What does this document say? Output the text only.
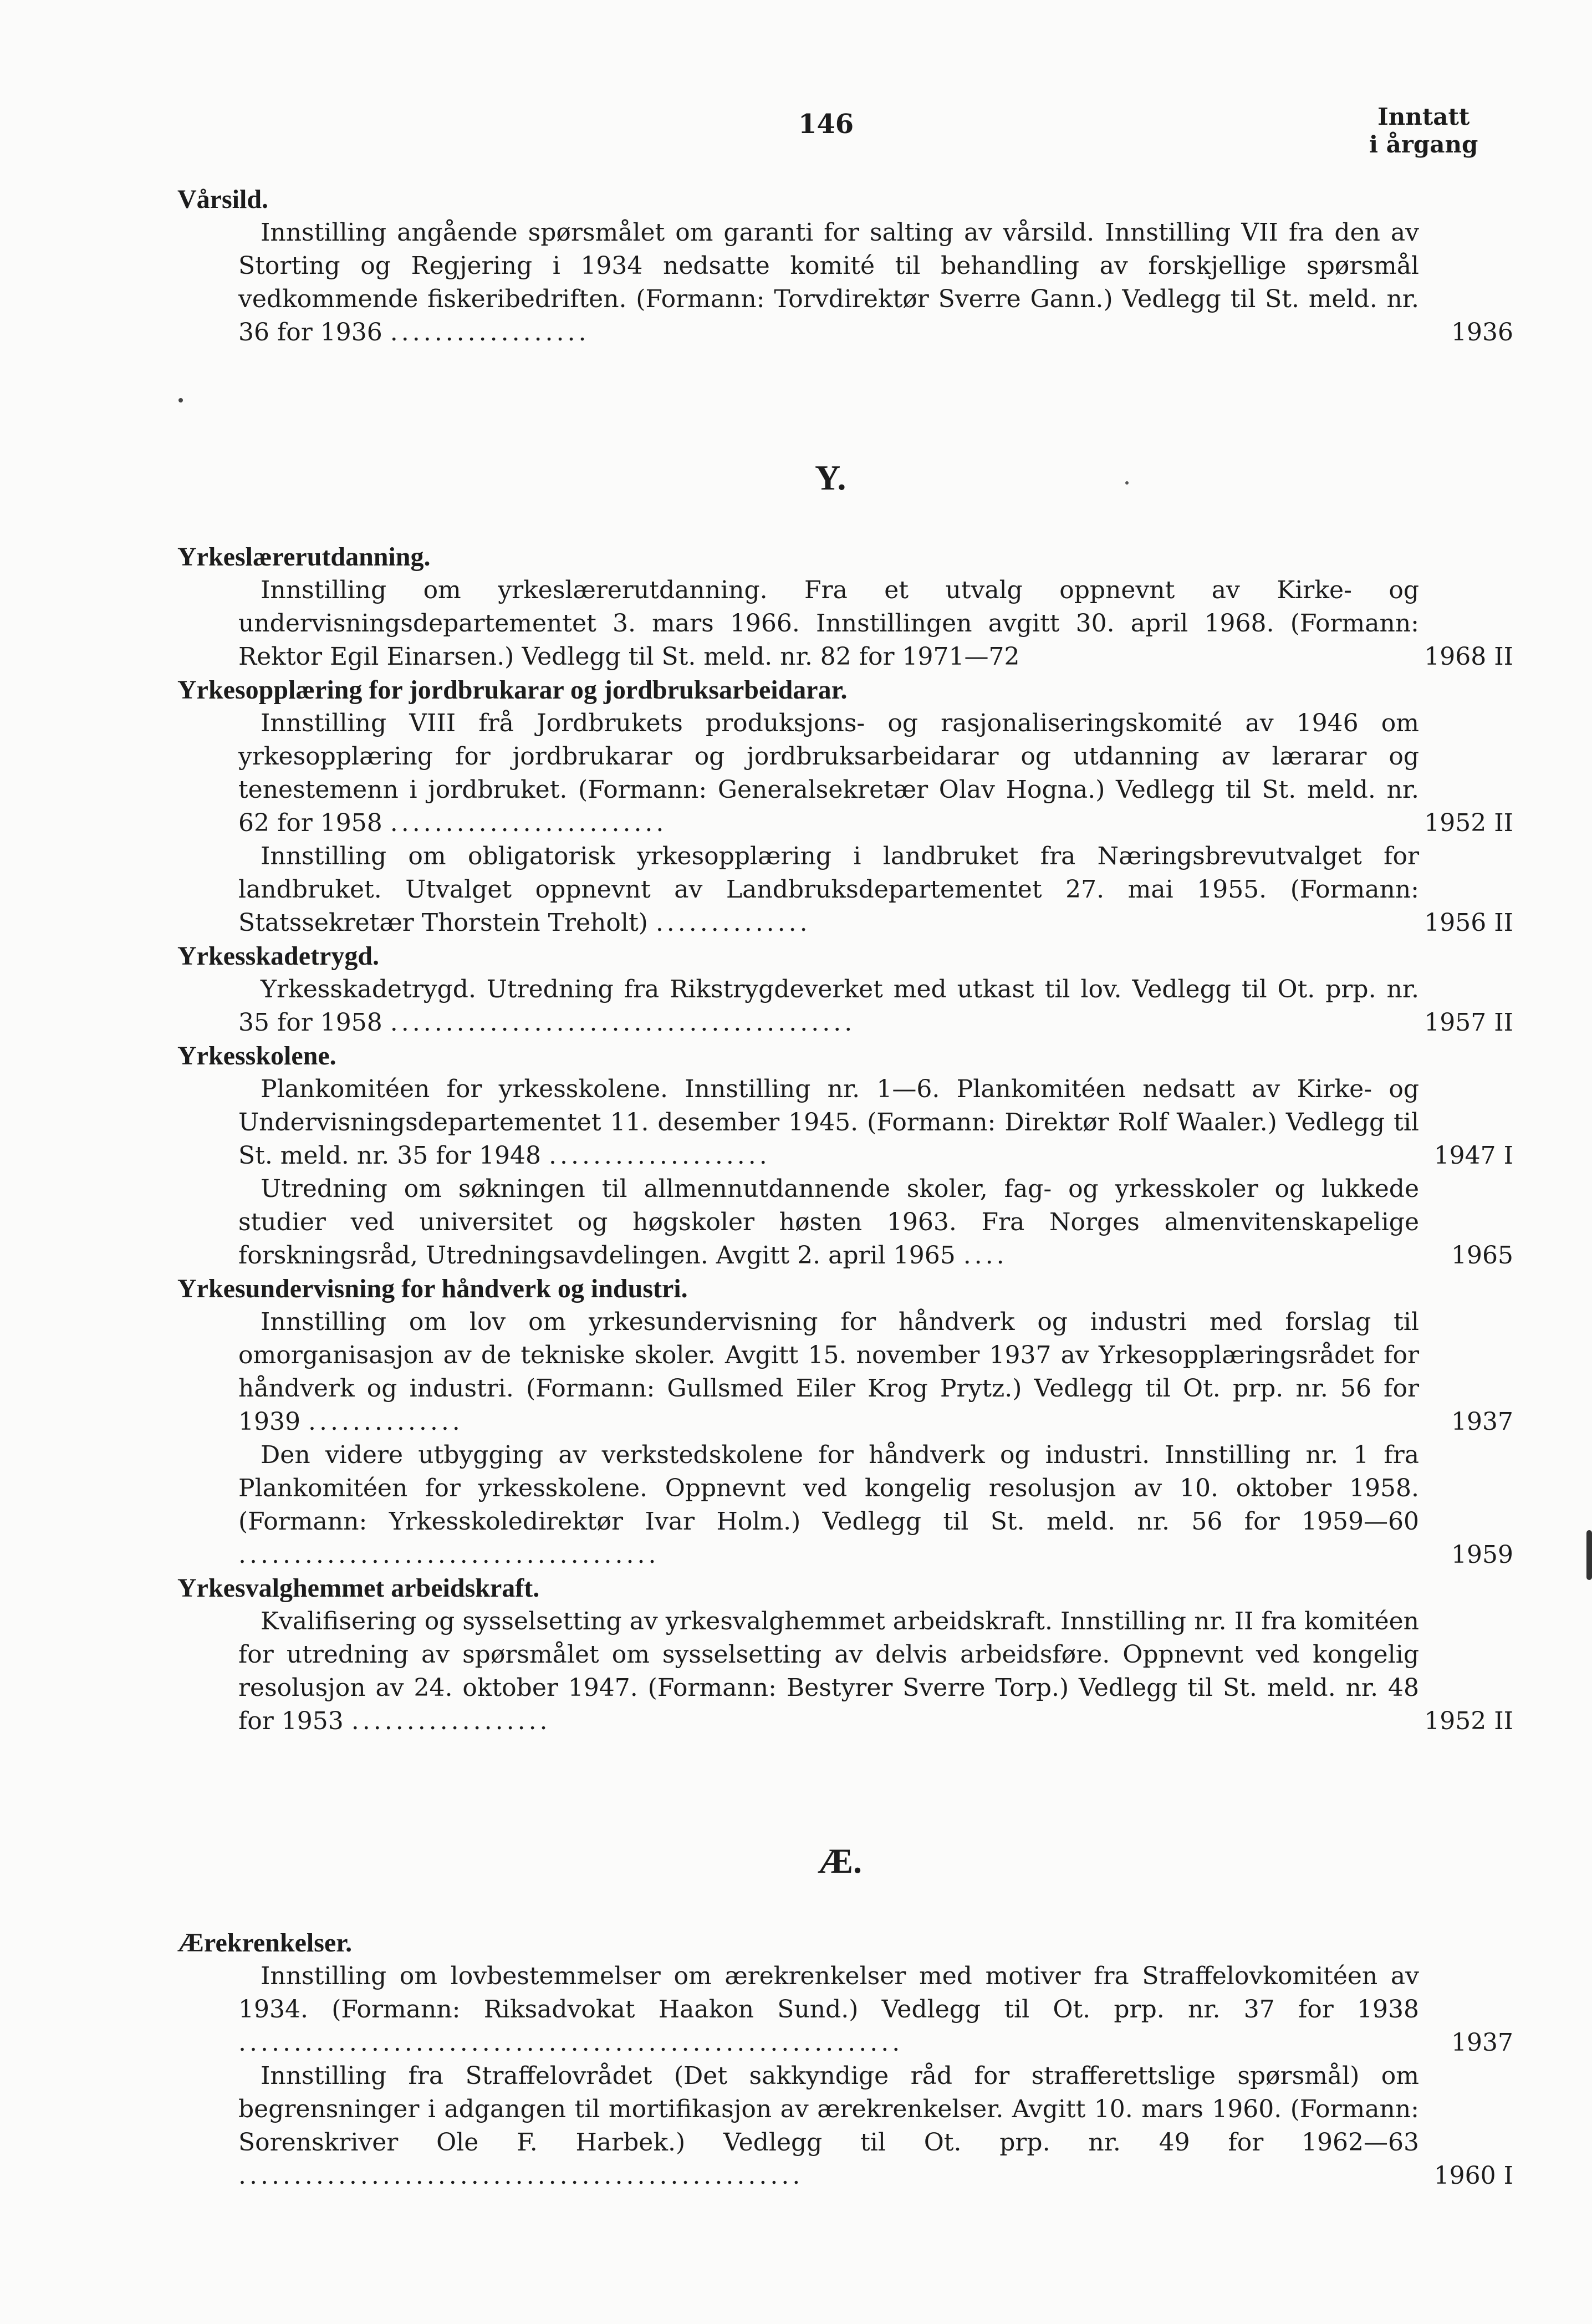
146	Inntatt
i årgang

Vårsild.

Innstilling angående spørsmålet om garanti for salting av vårsild. Innstilling VII fra den av Storting og Regjering i 1934 nedsatte komité til behandling av forskjellige spørsmål vedkommende fiskeribedriften. (Formann: Torvdirektør Sverre Gann.) Vedlegg til St. meld. nr. 36 for 1936 ..................	1936

Y.

Yrkeslærerutdanning.

Innstilling om yrkeslærerutdanning. Fra et utvalg oppnevnt av Kirke- og undervisningsdepartementet 3. mars 1966. Innstillingen avgitt 30. april 1968. (Formann: Rektor Egil Einarsen.) Vedlegg til St. meld. nr. 82 for 1971—72	1968 II

Yrkesopplæring for jordbrukarar og jordbruksarbeidarar.

Innstilling VIII frå Jordbrukets produksjons- og rasjonaliseringskomité av 1946 om yrkesopplæring for jordbrukarar og jordbruksarbeidarar og utdanning av lærarar og tenestemenn i jordbruket. (Formann: Generalsekretær Olav Hogna.) Vedlegg til St. meld. nr. 62 for 1958 .........................	1952 II

Innstilling om obligatorisk yrkesopplæring i landbruket fra Næringsbrevutvalget for landbruket. Utvalget oppnevnt av Landbruksdepartementet 27. mai 1955. (Formann: Statssekretær Thorstein Treholt) ..............	1956 II

Yrkesskadetrygd.

Yrkesskadetrygd. Utredning fra Rikstrygdeverket med utkast til lov. Vedlegg til Ot. prp. nr. 35 for 1958 ..........................................	1957 II

Yrkesskolene.

Plankomitéen for yrkesskolene. Innstilling nr. 1—6. Plankomitéen nedsatt av Kirke- og Undervisningsdepartementet 11. desember 1945. (Formann: Direktør Rolf Waaler.) Vedlegg til St. meld. nr. 35 for 1948 ....................	1947 I

Utredning om søkningen til allmennutdannende skoler, fag- og yrkesskoler og lukkede studier ved universitet og høgskoler høsten 1963. Fra Norges almenvitenskapelige forskningsråd, Utredningsavdelingen. Avgitt 2. april 1965 ....	1965

Yrkesundervisning for håndverk og industri.

Innstilling om lov om yrkesundervisning for håndverk og industri med forslag til omorganisasjon av de tekniske skoler. Avgitt 15. november 1937 av Yrkesopplæringsrådet for håndverk og industri. (Formann: Gullsmed Eiler Krog Prytz.) Vedlegg til Ot. prp. nr. 56 for 1939 ..............	1937

Den videre utbygging av verkstedskolene for håndverk og industri. Innstilling nr. 1 fra Plankomitéen for yrkesskolene. Oppnevnt ved kongelig resolusjon av 10. oktober 1958. (Formann: Yrkesskoledirektør Ivar Holm.) Vedlegg til St. meld. nr. 56 for 1959—60 ......................................	1959

Yrkesvalghemmet arbeidskraft.

Kvalifisering og sysselsetting av yrkesvalghemmet arbeidskraft. Innstilling nr. II fra komitéen for utredning av spørsmålet om sysselsetting av delvis arbeidsføre. Oppnevnt ved kongelig resolusjon av 24. oktober 1947. (Formann: Bestyrer Sverre Torp.) Vedlegg til St. meld. nr. 48 for 1953 ..................	1952 II

Æ.

Ærekrenkelser.

Innstilling om lovbestemmelser om ærekrenkelser med motiver fra Straffelovkomitéen av 1934. (Formann: Riksadvokat Haakon Sund.) Vedlegg til Ot. prp. nr. 37 for 1938 ............................................................	1937

Innstilling fra Straffelovrådet (Det sakkyndige råd for strafferettslige spørsmål) om begrensninger i adgangen til mortifikasjon av ærekrenkelser. Avgitt 10. mars 1960. (Formann: Sorenskriver Ole F. Harbek.) Vedlegg til Ot. prp. nr. 49 for 1962—63 ...................................................	1960 I
